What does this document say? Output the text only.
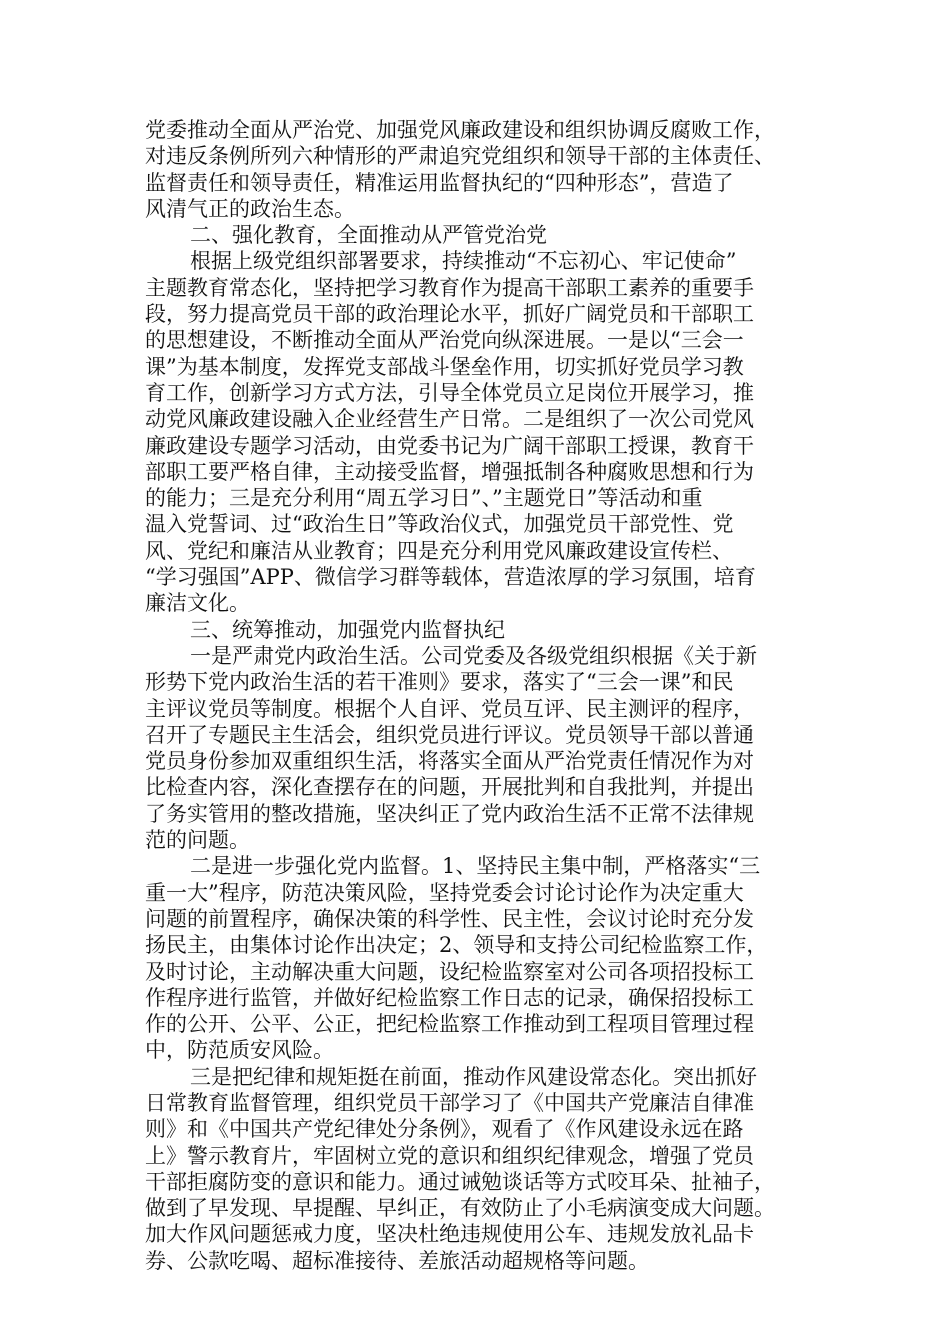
党委推动全面从严治党、加强党风廉政建设和组织协调反腐败工作，
对违反条例所列六种情形的严肃追究党组织和领导干部的主体责任、
监督责任和领导责任，精准运用监督执纪的“四种形态”，营造了
风清气正的政治生态。
二、强化教育，全面推动从严管党治党
根据上级党组织部署要求，持续推动“不忘初心、牢记使命”
主题教育常态化，坚持把学习教育作为提高干部职工素养的重要手
段，努力提高党员干部的政治理论水平，抓好广阔党员和干部职工
的思想建设，不断推动全面从严治党向纵深进展。一是以“三会一
课”为基本制度，发挥党支部战斗堡垒作用，切实抓好党员学习教
育工作，创新学习方式方法，引导全体党员立足岗位开展学习，推
动党风廉政建设融入企业经营生产日常。二是组织了一次公司党风
廉政建设专题学习活动，由党委书记为广阔干部职工授课，教育干
部职工要严格自律，主动接受监督，增强抵制各种腐败思想和行为
的能力；三是充分利用“周五学习日”、”主题党日”等活动和重
温入党誓词、过“政治生日”等政治仪式，加强党员干部党性、党
风、党纪和廉洁从业教育；四是充分利用党风廉政建设宣传栏、
“学习强国”APP、微信学习群等载体，营造浓厚的学习氛围，培育
廉洁文化。
三、统筹推动，加强党内监督执纪
一是严肃党内政治生活。公司党委及各级党组织根据《关于新
形势下党内政治生活的若干准则》要求，落实了“三会一课”和民
主评议党员等制度。根据个人自评、党员互评、民主测评的程序，
召开了专题民主生活会，组织党员进行评议。党员领导干部以普通
党员身份参加双重组织生活，将落实全面从严治党责任情况作为对
比检查内容，深化查摆存在的问题，开展批判和自我批判，并提出
了务实管用的整改措施，坚决纠正了党内政治生活不正常不法律规
范的问题。
二是进一步强化党内监督。1、坚持民主集中制，严格落实“三
重一大”程序，防范决策风险，坚持党委会讨论讨论作为决定重大
问题的前置程序，确保决策的科学性、民主性，会议讨论时充分发
扬民主，由集体讨论作出决定；2、领导和支持公司纪检监察工作，
及时讨论，主动解决重大问题，设纪检监察室对公司各项招投标工
作程序进行监管，并做好纪检监察工作日志的记录，确保招投标工
作的公开、公平、公正，把纪检监察工作推动到工程项目管理过程
中，防范质安风险。
三是把纪律和规矩挺在前面，推动作风建设常态化。突出抓好
日常教育监督管理，组织党员干部学习了《中国共产党廉洁自律准
则》和《中国共产党纪律处分条例》，观看了《作风建设永远在路
上》警示教育片，牢固树立党的意识和组织纪律观念，增强了党员
干部拒腐防变的意识和能力。通过诫勉谈话等方式咬耳朵、扯袖子，
做到了早发现、早提醒、早纠正，有效防止了小毛病演变成大问题。
加大作风问题惩戒力度，坚决杜绝违规使用公车、违规发放礼品卡
券、公款吃喝、超标准接待、差旅活动超规格等问题。
